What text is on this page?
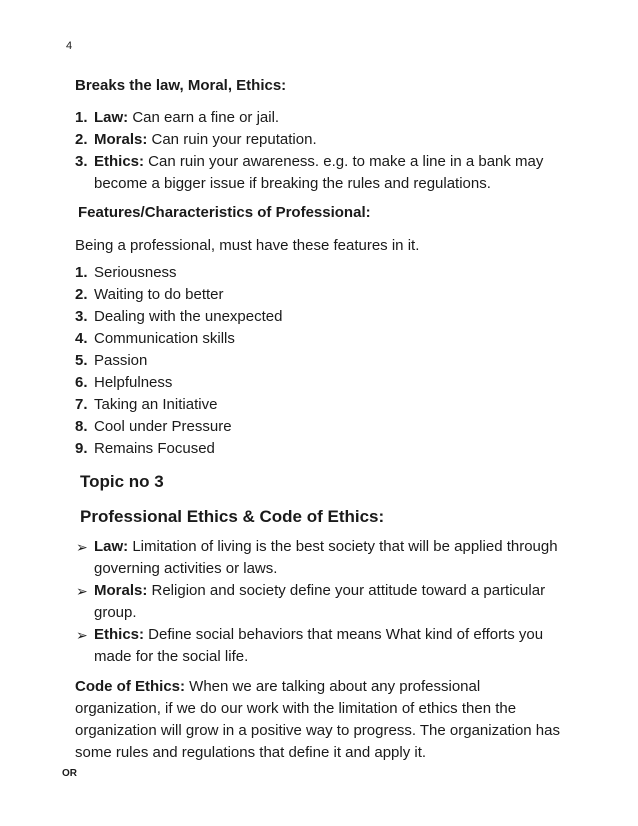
4
Breaks the law, Moral, Ethics:
1. Law: Can earn a fine or jail.
2. Morals: Can ruin your reputation.
3. Ethics: Can ruin your awareness. e.g. to make a line in a bank may become a bigger issue if breaking the rules and regulations.
Features/Characteristics of Professional:
Being a professional, must have these features in it.
1. Seriousness
2. Waiting to do better
3. Dealing with the unexpected
4. Communication skills
5. Passion
6. Helpfulness
7. Taking an Initiative
8. Cool under Pressure
9. Remains Focused
Topic no 3
Professional Ethics & Code of Ethics:
➢ Law: Limitation of living is the best society that will be applied through governing activities or laws.
➢ Morals: Religion and society define your attitude toward a particular group.
➢ Ethics: Define social behaviors that means What kind of efforts you made for the social life.
Code of Ethics: When we are talking about any professional organization, if we do our work with the limitation of ethics then the organization will grow in a positive way to progress. The organization has some rules and regulations that define it and apply it.
OR
